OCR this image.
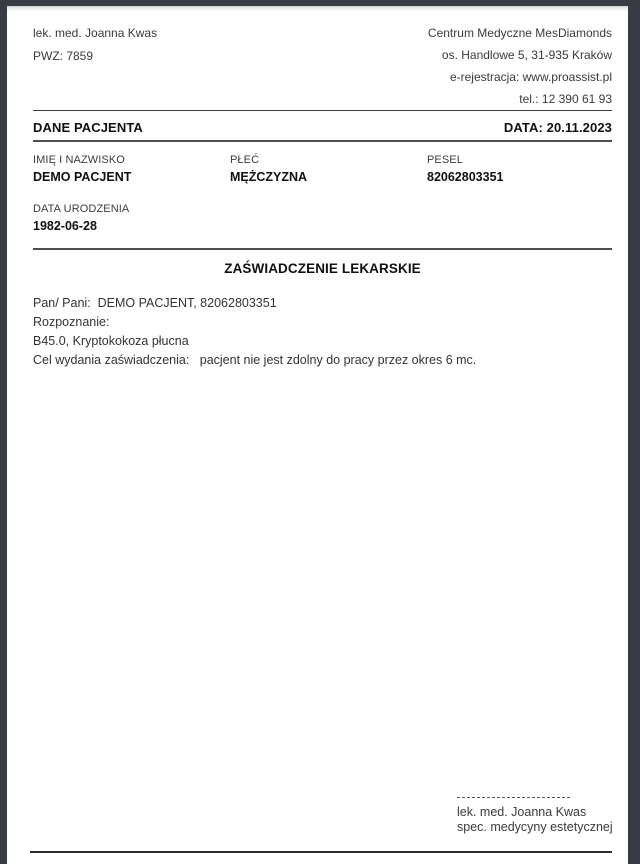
lek. med. Joanna Kwas

PWZ: 7859

Centrum Medyczne MesDiamonds

os. Handlowe 5, 31-935 Kraków

e-rejestracja: www.proassist.pl

tel.: 12 390 61 93

DANE PACJENTA	DATA: 20.11.2023
IMIĘ I NAZWISKO
DEMO PACJENT
PŁEĆ
MĘŻCZYZNA
PESEL
82062803351
DATA URODZENIA
1982-06-28
ZAŚWIADCZENIE LEKARSKIE

Pan/ Pani:  DEMO PACJENT, 82062803351

Rozpoznanie:

B45.0, Kryptokokoza płucna

Cel wydania zaświadczenia:   pacjent nie jest zdolny do pracy przez okres 6 mc.

lek. med. Joanna Kwas

spec. medycyny estetycznej
